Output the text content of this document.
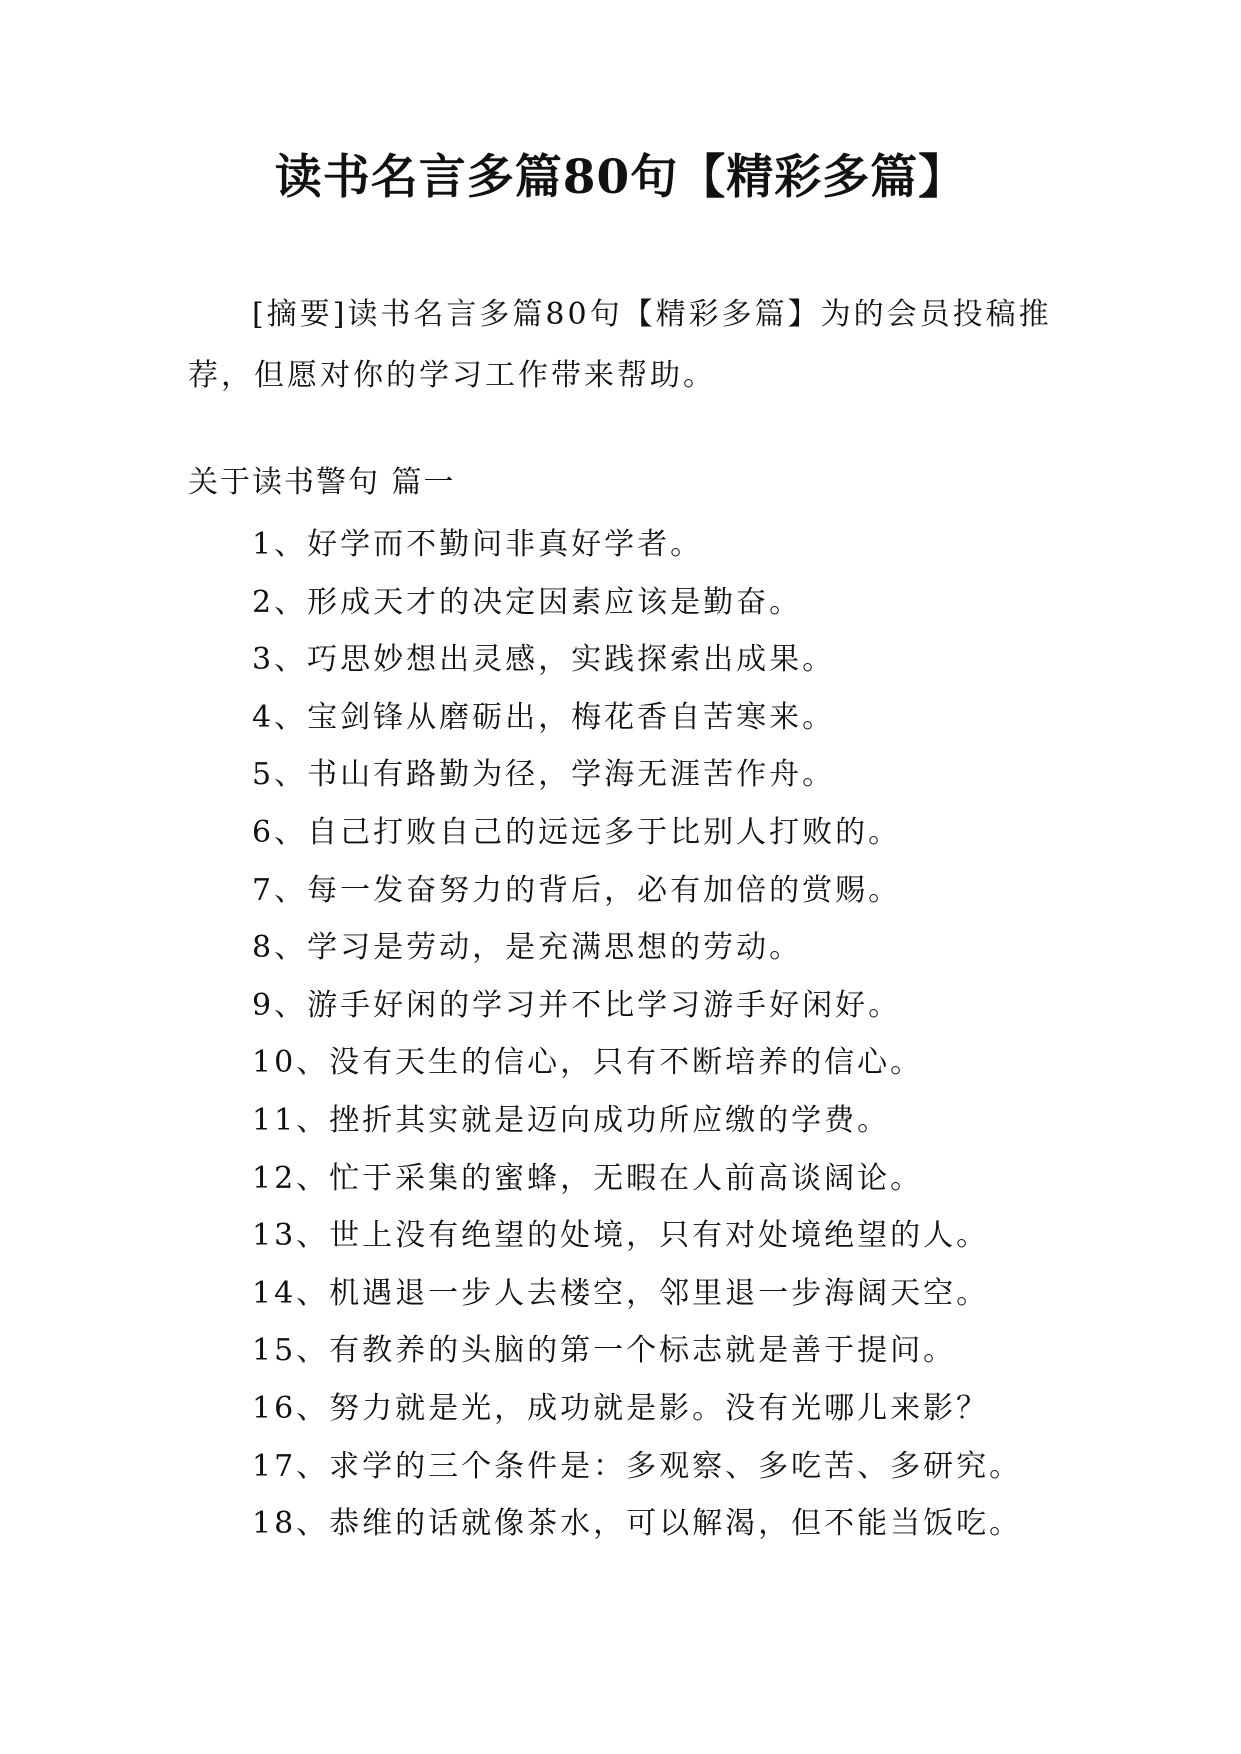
读书名言多篇80句【精彩多篇】

[摘要]读书名言多篇80句【精彩多篇】为的会员投稿推荐，但愿对你的学习工作带来帮助。

关于读书警句 篇一

1、好学而不勤问非真好学者。
2、形成天才的决定因素应该是勤奋。
3、巧思妙想出灵感，实践探索出成果。
4、宝剑锋从磨砺出，梅花香自苦寒来。
5、书山有路勤为径，学海无涯苦作舟。
6、自己打败自己的远远多于比别人打败的。
7、每一发奋努力的背后，必有加倍的赏赐。
8、学习是劳动，是充满思想的劳动。
9、游手好闲的学习并不比学习游手好闲好。
10、没有天生的信心，只有不断培养的信心。
11、挫折其实就是迈向成功所应缴的学费。
12、忙于采集的蜜蜂，无暇在人前高谈阔论。
13、世上没有绝望的处境，只有对处境绝望的人。
14、机遇退一步人去楼空，邻里退一步海阔天空。
15、有教养的头脑的第一个标志就是善于提问。
16、努力就是光，成功就是影。没有光哪儿来影？
17、求学的三个条件是：多观察、多吃苦、多研究。
18、恭维的话就像茶水，可以解渴，但不能当饭吃。
